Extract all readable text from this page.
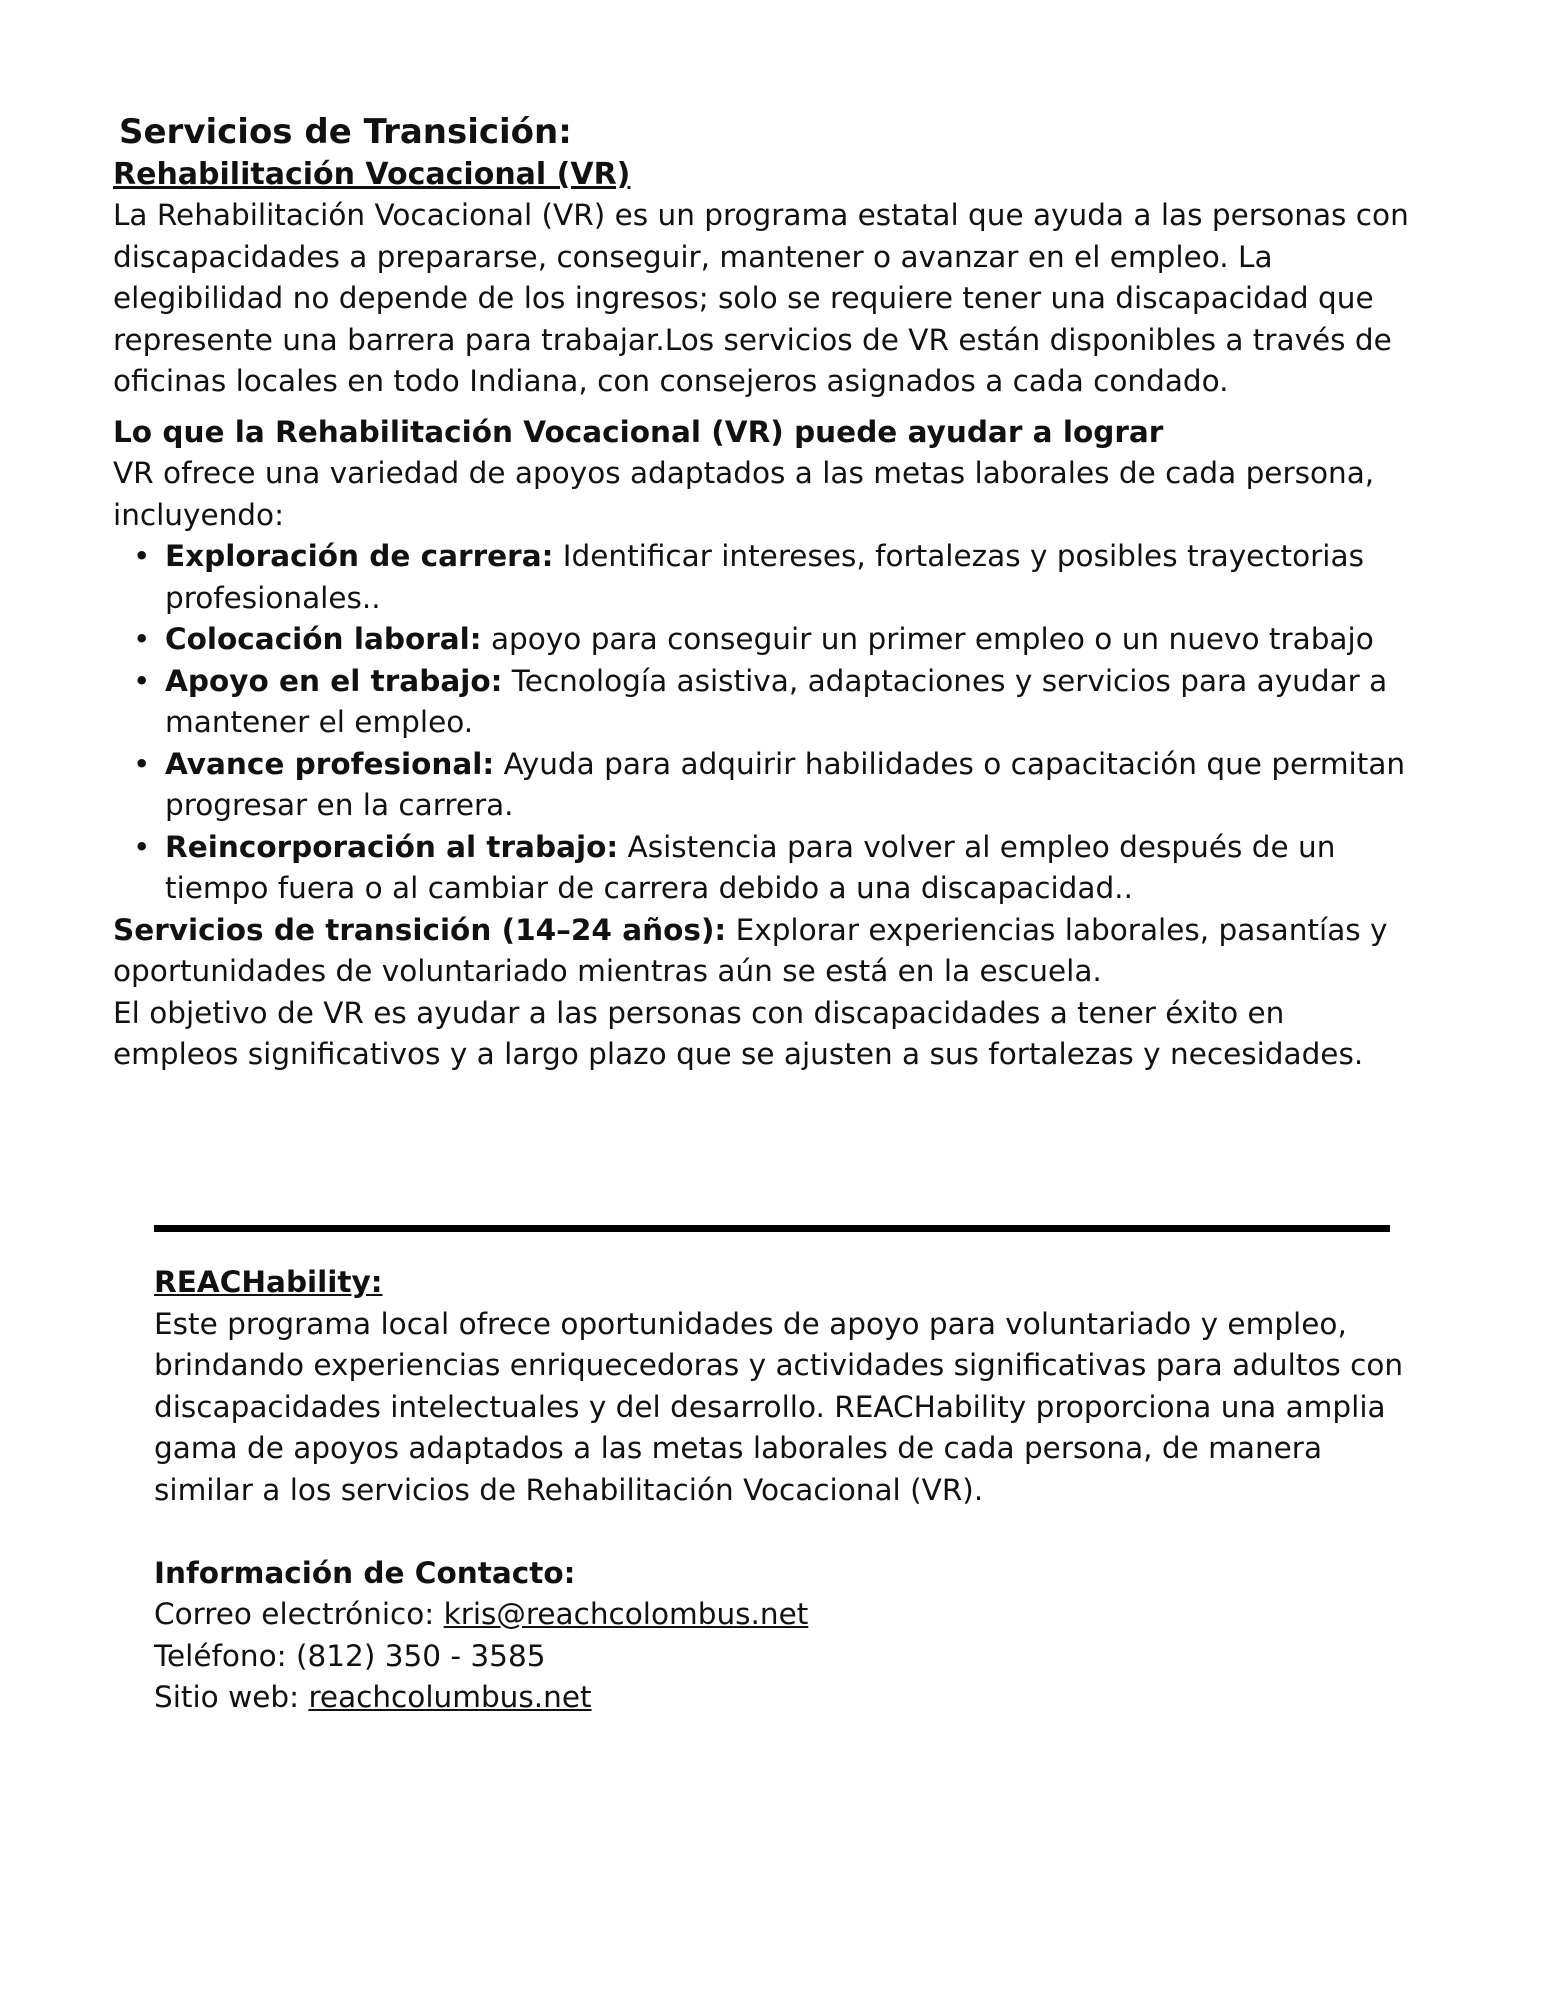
Servicios de Transición:
Rehabilitación Vocacional (VR)

La Rehabilitación Vocacional (VR) es un programa estatal que ayuda a las personas con discapacidades a prepararse, conseguir, mantener o avanzar en el empleo. La elegibilidad no depende de los ingresos; solo se requiere tener una discapacidad que represente una barrera para trabajar.Los servicios de VR están disponibles a través de oficinas locales en todo Indiana, con consejeros asignados a cada condado.

Lo que la Rehabilitación Vocacional (VR) puede ayudar a lograr

VR ofrece una variedad de apoyos adaptados a las metas laborales de cada persona, incluyendo:

• Exploración de carrera: Identificar intereses, fortalezas y posibles trayectorias profesionales..
• Colocación laboral: apoyo para conseguir un primer empleo o un nuevo trabajo
• Apoyo en el trabajo: Tecnología asistiva, adaptaciones y servicios para ayudar a mantener el empleo.
• Avance profesional: Ayuda para adquirir habilidades o capacitación que permitan progresar en la carrera.
• Reincorporación al trabajo: Asistencia para volver al empleo después de un tiempo fuera o al cambiar de carrera debido a una discapacidad..

Servicios de transición (14–24 años): Explorar experiencias laborales, pasantías y oportunidades de voluntariado mientras aún se está en la escuela.

El objetivo de VR es ayudar a las personas con discapacidades a tener éxito en empleos significativos y a largo plazo que se ajusten a sus fortalezas y necesidades.

REACHability:

Este programa local ofrece oportunidades de apoyo para voluntariado y empleo, brindando experiencias enriquecedoras y actividades significativas para adultos con discapacidades intelectuales y del desarrollo. REACHability proporciona una amplia gama de apoyos adaptados a las metas laborales de cada persona, de manera similar a los servicios de Rehabilitación Vocacional (VR).

Información de Contacto:

Correo electrónico: kris@reachcolombus.net

Teléfono: (812) 350 - 3585

Sitio web: reachcolumbus.net
